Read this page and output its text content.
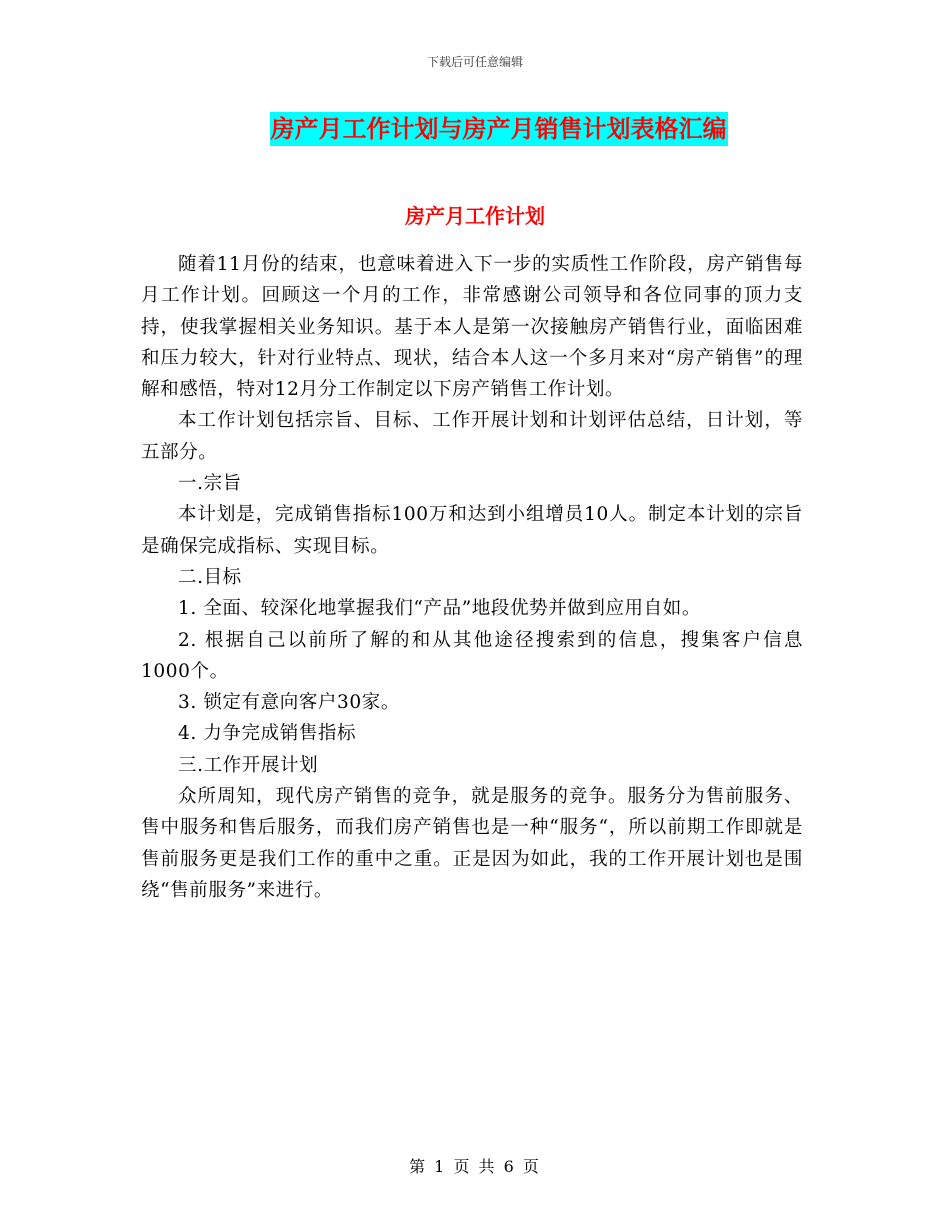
下载后可任意编辑
房产月工作计划与房产月销售计划表格汇编
房产月工作计划

随着11月份的结束，也意味着进入下一步的实质性工作阶段，房产销售每月工作计划。回顾这一个月的工作，非常感谢公司领导和各位同事的顶力支持，使我掌握相关业务知识。基于本人是第一次接触房产销售行业，面临困难和压力较大，针对行业特点、现状，结合本人这一个多月来对“房产销售”的理解和感悟，特对12月分工作制定以下房产销售工作计划。

本工作计划包括宗旨、目标、工作开展计划和计划评估总结，日计划，等五部分。

一.宗旨

本计划是，完成销售指标100万和达到小组增员10人。制定本计划的宗旨是确保完成指标、实现目标。

二.目标

1. 全面、较深化地掌握我们“产品”地段优势并做到应用自如。

2. 根据自己以前所了解的和从其他途径搜索到的信息，搜集客户信息1000个。

3. 锁定有意向客户30家。

4. 力争完成销售指标

三.工作开展计划

众所周知，现代房产销售的竞争，就是服务的竞争。服务分为售前服务、售中服务和售后服务，而我们房产销售也是一种“服务“，所以前期工作即就是售前服务更是我们工作的重中之重。正是因为如此，我的工作开展计划也是围绕“售前服务”来进行。

第 1 页 共 6 页
